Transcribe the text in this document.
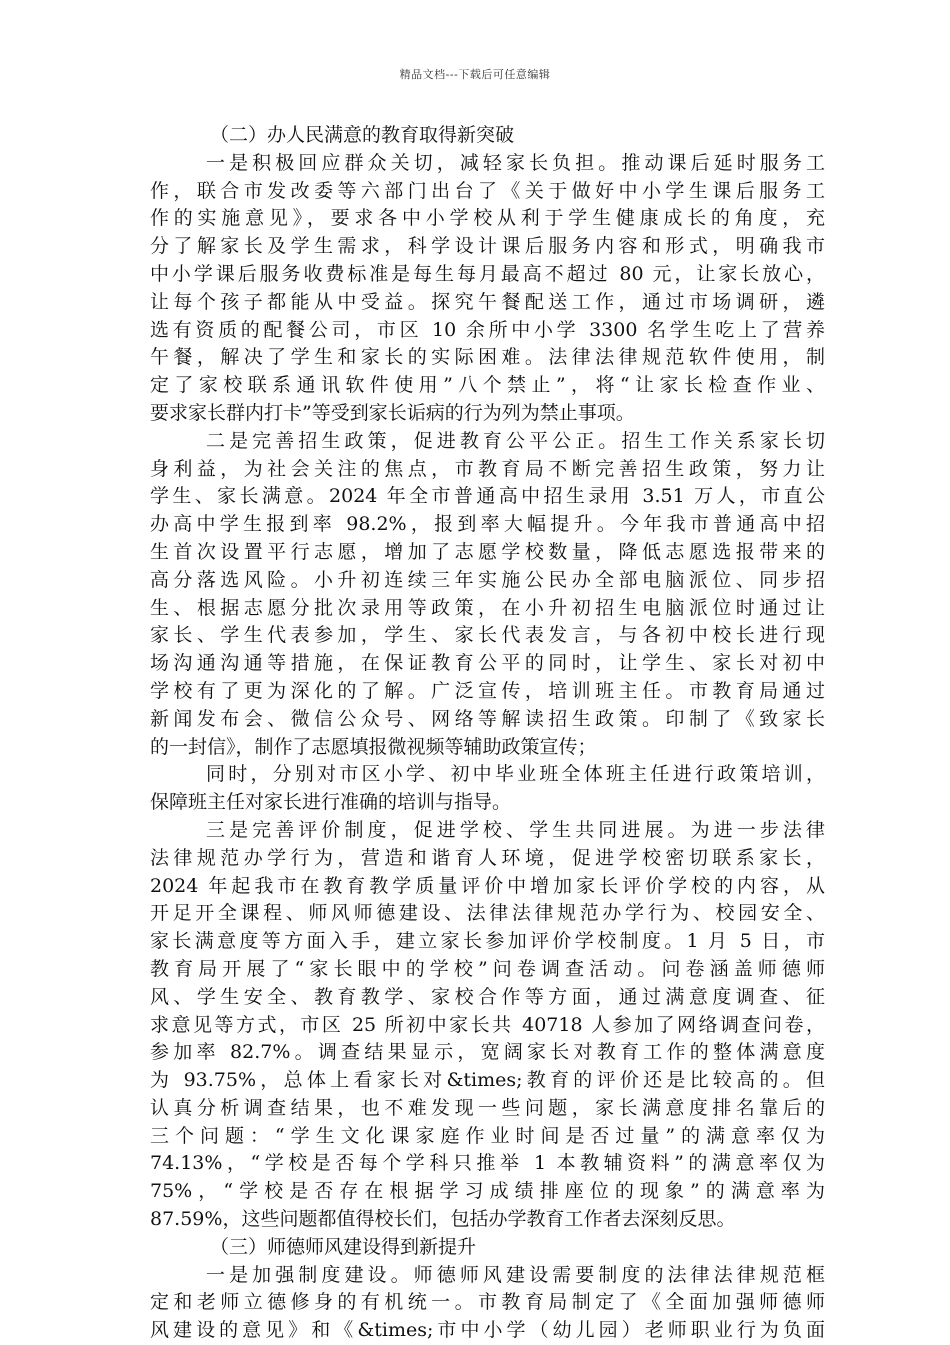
精品文档---下载后可任意编辑
（二）办人民满意的教育取得新突破
一是积极回应群众关切，减轻家长负担。推动课后延时服务工
作，联合市发改委等六部门出台了《关于做好中小学生课后服务工
作的实施意见》，要求各中小学校从利于学生健康成长的角度，充
分了解家长及学生需求，科学设计课后服务内容和形式，明确我市
中小学课后服务收费标准是每生每月最高不超过 80 元，让家长放心，
让每个孩子都能从中受益。探究午餐配送工作，通过市场调研，遴
选有资质的配餐公司，市区 10 余所中小学 3300 名学生吃上了营养
午餐，解决了学生和家长的实际困难。法律法律规范软件使用，制
定了家校联系通讯软件使用”八个禁止”，将“让家长检查作业、
要求家长群内打卡”等受到家长诟病的行为列为禁止事项。
二是完善招生政策，促进教育公平公正。招生工作关系家长切
身利益，为社会关注的焦点，市教育局不断完善招生政策，努力让
学生、家长满意。2024 年全市普通高中招生录用 3.51 万人，市直公
办高中学生报到率 98.2%，报到率大幅提升。今年我市普通高中招
生首次设置平行志愿，增加了志愿学校数量，降低志愿选报带来的
高分落选风险。小升初连续三年实施公民办全部电脑派位、同步招
生、根据志愿分批次录用等政策，在小升初招生电脑派位时通过让
家长、学生代表参加，学生、家长代表发言，与各初中校长进行现
场沟通沟通等措施，在保证教育公平的同时，让学生、家长对初中
学校有了更为深化的了解。广泛宣传，培训班主任。市教育局通过
新闻发布会、微信公众号、网络等解读招生政策。印制了《致家长
的一封信》，制作了志愿填报微视频等辅助政策宣传；
同时，分别对市区小学、初中毕业班全体班主任进行政策培训，
保障班主任对家长进行准确的培训与指导。
三是完善评价制度，促进学校、学生共同进展。为进一步法律
法律规范办学行为，营造和谐育人环境，促进学校密切联系家长，
2024 年起我市在教育教学质量评价中增加家长评价学校的内容，从
开足开全课程、师风师德建设、法律法律规范办学行为、校园安全、
家长满意度等方面入手，建立家长参加评价学校制度。1 月 5 日，市
教育局开展了“家长眼中的学校”问卷调查活动。问卷涵盖师德师
风、学生安全、教育教学、家校合作等方面，通过满意度调查、征
求意见等方式，市区 25 所初中家长共 40718 人参加了网络调查问卷，
参加率 82.7%。调查结果显示，宽阔家长对教育工作的整体满意度
为 93.75%，总体上看家长对&times;教育的评价还是比较高的。但
认真分析调查结果，也不难发现一些问题，家长满意度排名靠后的
三个问题：“学生文化课家庭作业时间是否过量”的满意率仅为
74.13%，“学校是否每个学科只推举 1 本教辅资料”的满意率仅为
75%，“学校是否存在根据学习成绩排座位的现象”的满意率为
87.59%，这些问题都值得校长们，包括办学教育工作者去深刻反思。
（三）师德师风建设得到新提升
一是加强制度建设。师德师风建设需要制度的法律法律规范框
定和老师立德修身的有机统一。市教育局制定了《全面加强师德师
风建设的意见》和《&times;市中小学（幼儿园）老师职业行为负面
